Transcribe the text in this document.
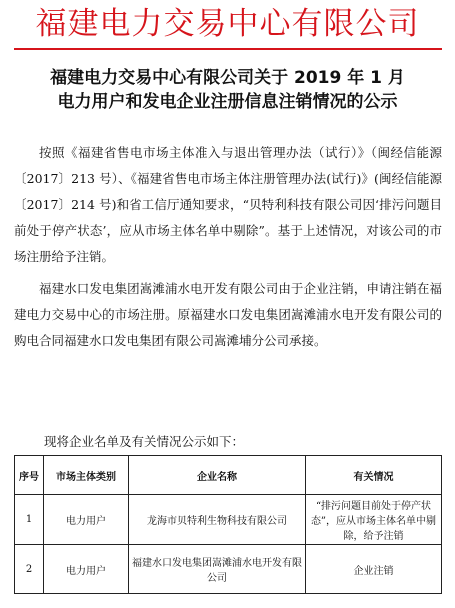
福建电力交易中心有限公司
福建电力交易中心有限公司关于 2019 年 1 月
电力用户和发电企业注册信息注销情况的公示

按照《福建省售电市场主体准入与退出管理办法（试行）》（闽经信能源〔2017〕213 号）、《福建省售电市场主体注册管理办法(试行)》(闽经信能源〔2017〕214 号)和省工信厅通知要求，“贝特利科技有限公司因‘排污问题目前处于停产状态’，应从市场主体名单中剔除”。基于上述情况，对该公司的市场注册给予注销。

福建水口发电集团嵩滩浦水电开发有限公司由于企业注销，申请注销在福建电力交易中心的市场注册。原福建水口发电集团嵩滩浦水电开发有限公司的购电合同福建水口发电集团有限公司嵩滩埔分公司承接。

现将企业名单及有关情况公示如下：
序号	市场主体类别	企业名称	有关情况
1	电力用户	龙海市贝特利生物科技有限公司	“排污问题目前处于停产状态”，应从市场主体名单中剔除，给予注销
2	电力用户	福建水口发电集团嵩滩浦水电开发有限公司	企业注销
